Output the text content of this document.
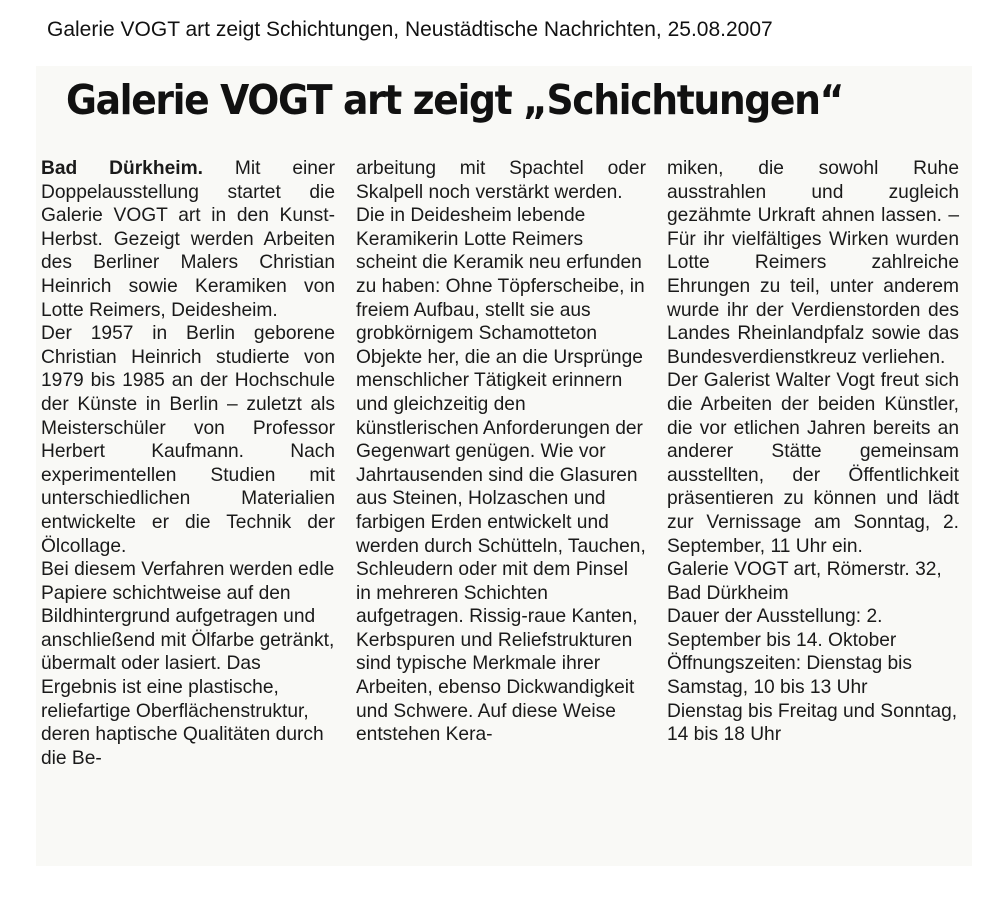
Galerie VOGT art zeigt Schichtungen, Neustädtische Nachrichten, 25.08.2007
Galerie VOGT art zeigt „Schichtungen“

Bad Dürkheim. Mit einer Doppelausstellung startet die Galerie VOGT art in den Kunst-Herbst. Gezeigt werden Arbeiten des Berliner Malers Christian Heinrich sowie Keramiken von Lotte Reimers, Deidesheim.

Der 1957 in Berlin geborene Christian Heinrich studierte von 1979 bis 1985 an der Hochschule der Künste in Berlin – zuletzt als Meisterschüler von Professor Herbert Kaufmann. Nach experimentellen Studien mit unterschiedlichen Materialien entwickelte er die Technik der Ölcollage.

Bei diesem Verfahren werden edle Papiere schichtweise auf den Bildhintergrund aufgetragen und anschließend mit Ölfarbe getränkt, übermalt oder lasiert. Das Ergebnis ist eine plastische, reliefartige Oberflächenstruktur, deren haptische Qualitäten durch die Be-

arbeitung mit Spachtel oder Skalpell noch verstärkt werden.

Die in Deidesheim lebende Keramikerin Lotte Reimers scheint die Keramik neu erfunden zu haben: Ohne Töpferscheibe, in freiem Aufbau, stellt sie aus grobkörnigem Schamotteton Objekte her, die an die Ursprünge menschlicher Tätigkeit erinnern und gleichzeitig den künstlerischen Anforderungen der Gegenwart genügen. Wie vor Jahrtausenden sind die Glasuren aus Steinen, Holzaschen und farbigen Erden entwickelt und werden durch Schütteln, Tauchen, Schleudern oder mit dem Pinsel in mehreren Schichten aufgetragen. Rissig-raue Kanten, Kerbspuren und Reliefstrukturen sind typische Merkmale ihrer Arbeiten, ebenso Dickwandigkeit und Schwere. Auf diese Weise entstehen Kera-

miken, die sowohl Ruhe ausstrahlen und zugleich gezähmte Urkraft ahnen lassen. – Für ihr vielfältiges Wirken wurden Lotte Reimers zahlreiche Ehrungen zu teil, unter anderem wurde ihr der Verdienstorden des Landes Rheinlandpfalz sowie das Bundesverdienstkreuz verliehen.

Der Galerist Walter Vogt freut sich die Arbeiten der beiden Künstler, die vor etlichen Jahren bereits an anderer Stätte gemeinsam ausstellten, der Öffentlichkeit präsentieren zu können und lädt zur Vernissage am Sonntag, 2. September, 11 Uhr ein.

Galerie VOGT art, Römerstr. 32, Bad Dürkheim

Dauer der Ausstellung: 2. September bis 14. Oktober

Öffnungszeiten: Dienstag bis Samstag, 10 bis 13 Uhr

Dienstag bis Freitag und Sonntag, 14 bis 18 Uhr
